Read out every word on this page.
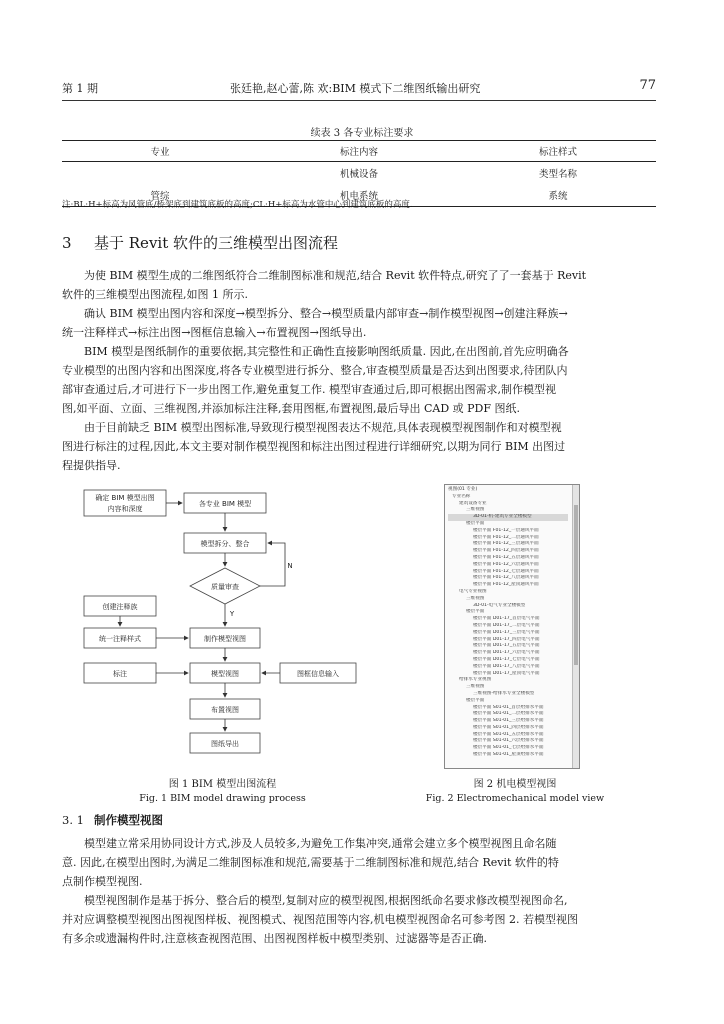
第 1 期	张廷艳,赵心蕾,陈 欢:BIM 模式下二维图纸输出研究	77
续表 3 各专业标注要求
专业	标注内容	标注样式
	机械设备	类型名称
管综	机电系统	系统
注:BL:H+标高为风管底/桥架底到建筑底板的高度;CL:H+标高为水管中心到建筑底板的高度.
3 基于 Revit 软件的三维模型出图流程
为使 BIM 模型生成的二维图纸符合二维制图标准和规范,结合 Revit 软件特点,研究了了一套基于 Revit
软件的三维模型出图流程,如图 1 所示.
确认 BIM 模型出图内容和深度→模型拆分、整合→模型质量内部审查→制作模型视图→创建注释族→
统一注释样式→标注出图→图框信息输入→布置视图→图纸导出.
BIM 模型是图纸制作的重要依据,其完整性和正确性直接影响图纸质量. 因此,在出图前,首先应明确各
专业模型的出图内容和出图深度,将各专业模型进行拆分、整合,审查模型质量是否达到出图要求,待团队内
部审查通过后,才可进行下一步出图工作,避免重复工作. 模型审查通过后,即可根据出图需求,制作模型视
图,如平面、立面、三维视图,并添加标注注释,套用图框,布置视图,最后导出 CAD 或 PDF 图纸.
由于目前缺乏 BIM 模型出图标准,导致现行模型视图表达不规范,具体表现模型视图制作和对模型视
图进行标注的过程,因此,本文主要对制作模型视图和标注出图过程进行详细研究,以期为同行 BIM 出图过
程提供指导.
确定 BIM 模型出图
内容和深度
各专业 BIM 模型
模型拆分、整合
质量审查
N
Y
创建注释族
统一注释样式	制作模型视图
标注	模型视图	图框信息输入
布置视图
图纸导出
视图(01 专业)
专业名称
建筑设备专业
三维视图
3D-01-机-建筑专业全楼模型
楼层平面
楼层平面 F01-12_一层通风平面
楼层平面 F01-12_二层通风平面
楼层平面 F01-12_三层通风平面
楼层平面 F01-12_四层通风平面
楼层平面 F01-12_五层通风平面
楼层平面 F01-12_六层通风平面
楼层平面 F01-12_七层通风平面
楼层平面 F01-12_八层通风平面
楼层平面 F01-12_屋顶通风平面
电气专业视图
三维视图
3D-01-电气专业全楼模型
楼层平面
楼层平面 D01-17_首层电气平面
楼层平面 D01-17_二层电气平面
楼层平面 D01-17_三层电气平面
楼层平面 D01-17_四层电气平面
楼层平面 D01-17_五层电气平面
楼层平面 D01-17_六层电气平面
楼层平面 D01-17_七层电气平面
楼层平面 D01-17_八层电气平面
楼层平面 D01-17_屋顶电气平面
给排水专业视图
三维视图
三维视图-给排水专业全楼模型
楼层平面
楼层平面 S01-01_首层给排水平面
楼层平面 S01-01_二层给排水平面
楼层平面 S01-01_三层给排水平面
楼层平面 S01-01_四层给排水平面
楼层平面 S01-01_五层给排水平面
楼层平面 S01-01_六层给排水平面
楼层平面 S01-01_七层给排水平面
楼层平面 S01-01_屋顶给排水平面
图 1 BIM 模型出图流程
Fig. 1 BIM model drawing process
图 2 机电模型视图
Fig. 2 Electromechanical model view
3. 1 制作模型视图
模型建立常采用协同设计方式,涉及人员较多,为避免工作集冲突,通常会建立多个模型视图且命名随
意. 因此,在模型出图时,为满足二维制图标准和规范,需要基于二维制图标准和规范,结合 Revit 软件的特
点制作模型视图.
模型视图制作是基于拆分、整合后的模型,复制对应的模型视图,根据图纸命名要求修改模型视图命名,
并对应调整模型视图出图视图样板、视图模式、视图范围等内容,机电模型视图命名可参考图 2. 若模型视图
有多余或遗漏构件时,注意核查视图范围、出图视图样板中模型类别、过滤器等是否正确.
